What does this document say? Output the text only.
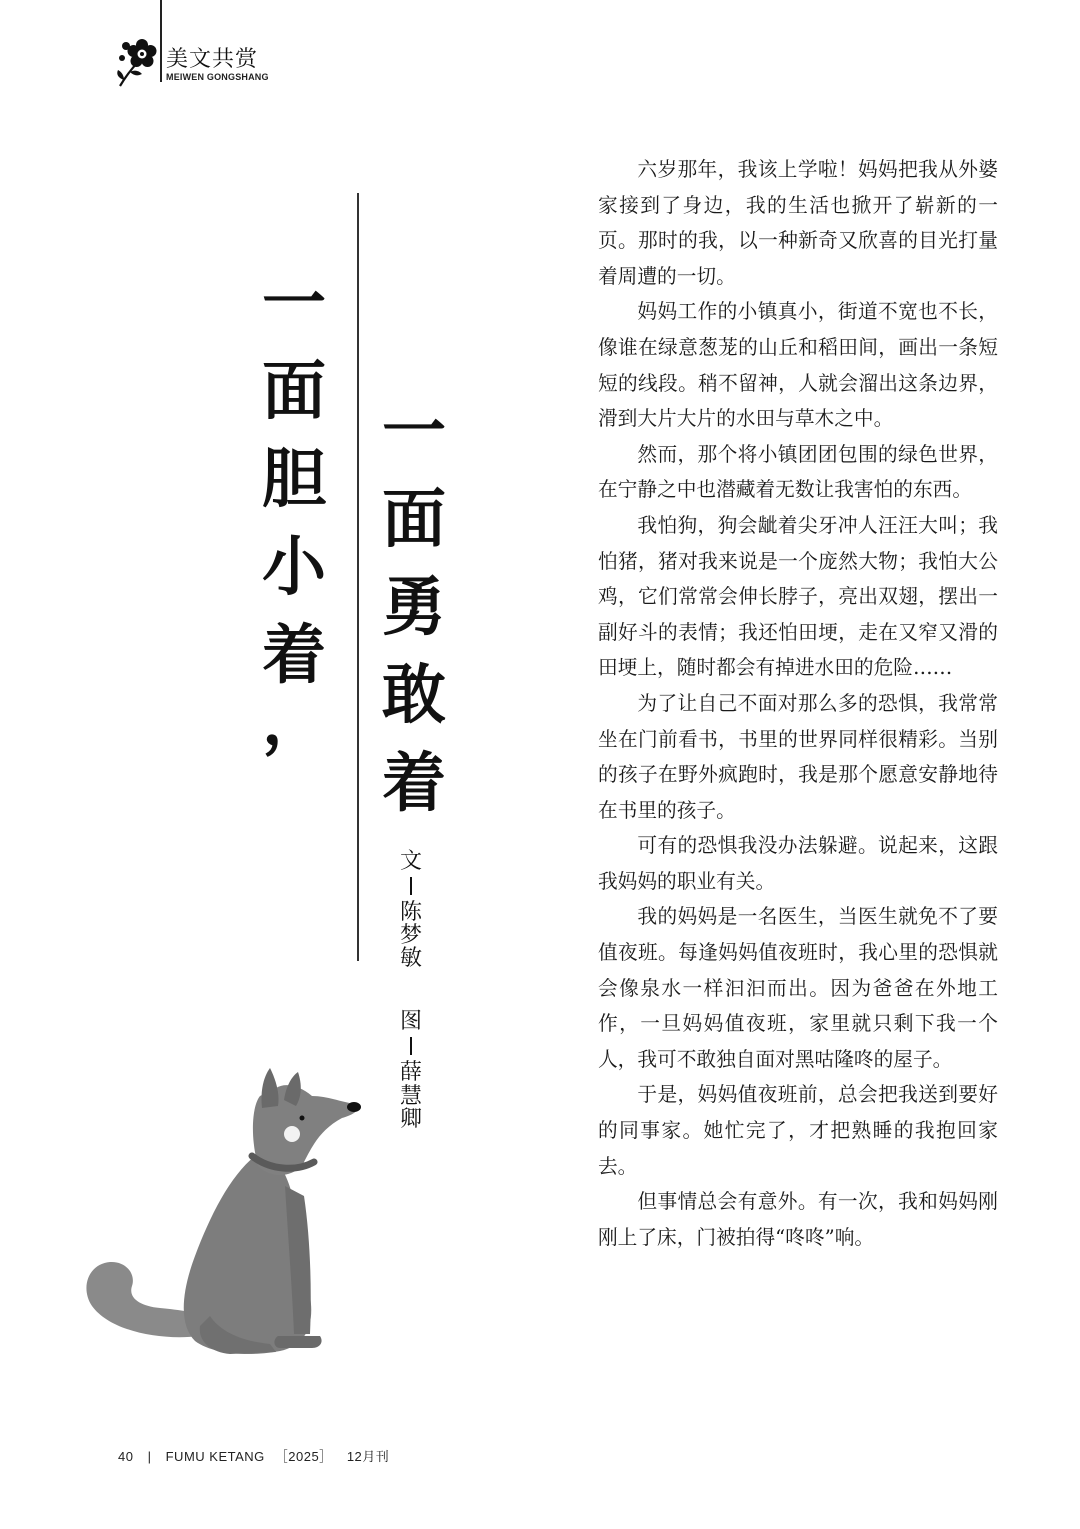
美文共赏
MEIWEN GONGSHANG
一
面
胆
小
着
，
一
面
勇
敢
着
文
陈
梦
敏
图
薛
慧
卿

六岁那年，我该上学啦！妈妈把我从外婆家接到了身边，我的生活也掀开了崭新的一页。那时的我，以一种新奇又欣喜的目光打量着周遭的一切。

妈妈工作的小镇真小，街道不宽也不长，像谁在绿意葱茏的山丘和稻田间，画出一条短短的线段。稍不留神，人就会溜出这条边界，滑到大片大片的水田与草木之中。

然而，那个将小镇团团包围的绿色世界，在宁静之中也潜藏着无数让我害怕的东西。

我怕狗，狗会龇着尖牙冲人汪汪大叫；我怕猪，猪对我来说是一个庞然大物；我怕大公鸡，它们常常会伸长脖子，亮出双翅，摆出一副好斗的表情；我还怕田埂，走在又窄又滑的田埂上，随时都会有掉进水田的危险……

为了让自己不面对那么多的恐惧，我常常坐在门前看书，书里的世界同样很精彩。当别的孩子在野外疯跑时，我是那个愿意安静地待在书里的孩子。

可有的恐惧我没办法躲避。说起来，这跟我妈妈的职业有关。

我的妈妈是一名医生，当医生就免不了要值夜班。每逢妈妈值夜班时，我心里的恐惧就会像泉水一样汩汩而出。因为爸爸在外地工作，一旦妈妈值夜班，家里就只剩下我一个人，我可不敢独自面对黑咕隆咚的屋子。

于是，妈妈值夜班前，总会把我送到要好的同事家。她忙完了，才把熟睡的我抱回家去。

但事情总会有意外。有一次，我和妈妈刚刚上了床，门被拍得“咚咚”响。

40 | FUMU KETANG ［2025］ 12月刊
